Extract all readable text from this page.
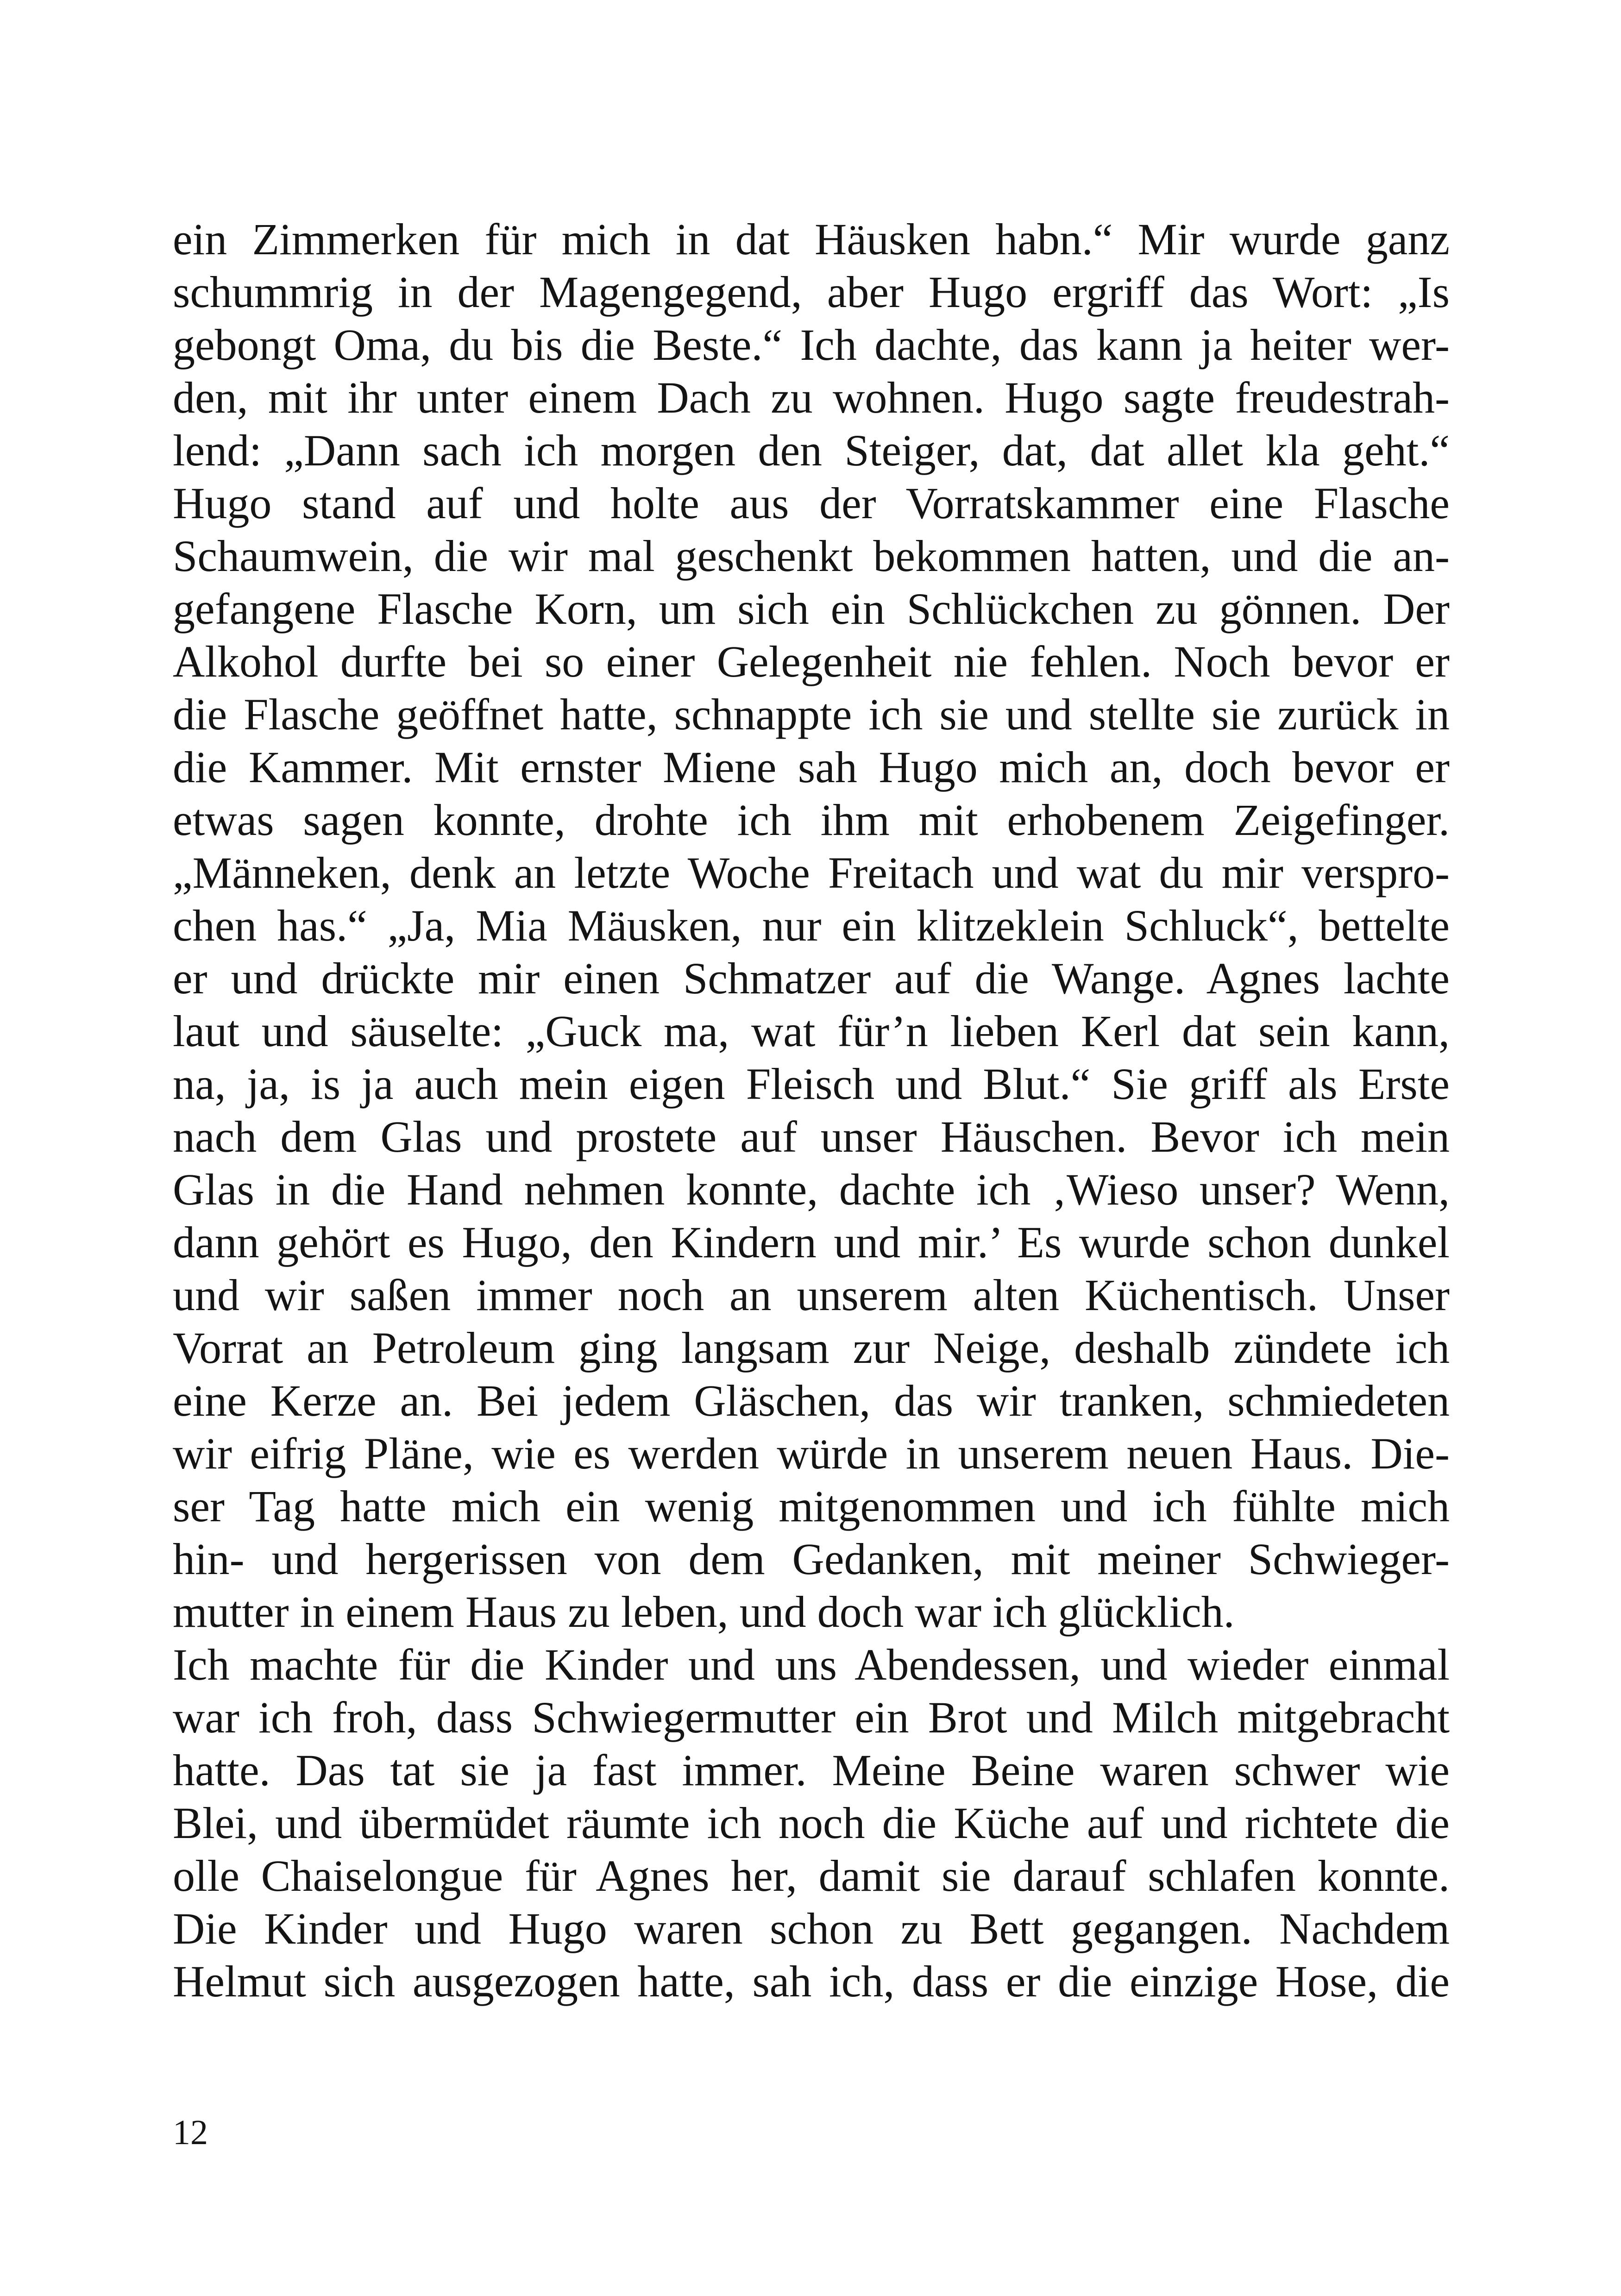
ein Zimmerken für mich in dat Häusken habn.“ Mir wurde ganz
schummrig in der Magengegend, aber Hugo ergriff das Wort: „Is
gebongt Oma, du bis die Beste.“ Ich dachte, das kann ja heiter wer-
den, mit ihr unter einem Dach zu wohnen. Hugo sagte freudestrah-
lend: „Dann sach ich morgen den Steiger, dat, dat allet kla geht.“
Hugo stand auf und holte aus der Vorratskammer eine Flasche
Schaumwein, die wir mal geschenkt bekommen hatten, und die an-
gefangene Flasche Korn, um sich ein Schlückchen zu gönnen. Der
Alkohol durfte bei so einer Gelegenheit nie fehlen. Noch bevor er
die Flasche geöffnet hatte, schnappte ich sie und stellte sie zurück in
die Kammer. Mit ernster Miene sah Hugo mich an, doch bevor er
etwas sagen konnte, drohte ich ihm mit erhobenem Zeigefinger.
„Männeken, denk an letzte Woche Freitach und wat du mir verspro-
chen has.“ „Ja, Mia Mäusken, nur ein klitzeklein Schluck“, bettelte
er und drückte mir einen Schmatzer auf die Wange. Agnes lachte
laut und säuselte: „Guck ma, wat für’n lieben Kerl dat sein kann,
na, ja, is ja auch mein eigen Fleisch und Blut.“ Sie griff als Erste
nach dem Glas und prostete auf unser Häuschen. Bevor ich mein
Glas in die Hand nehmen konnte, dachte ich ‚Wieso unser? Wenn,
dann gehört es Hugo, den Kindern und mir.’ Es wurde schon dunkel
und wir saßen immer noch an unserem alten Küchentisch. Unser
Vorrat an Petroleum ging langsam zur Neige, deshalb zündete ich
eine Kerze an. Bei jedem Gläschen, das wir tranken, schmiedeten
wir eifrig Pläne, wie es werden würde in unserem neuen Haus. Die-
ser Tag hatte mich ein wenig mitgenommen und ich fühlte mich
hin- und hergerissen von dem Gedanken, mit meiner Schwieger-
mutter in einem Haus zu leben, und doch war ich glücklich.
Ich machte für die Kinder und uns Abendessen, und wieder einmal
war ich froh, dass Schwiegermutter ein Brot und Milch mitgebracht
hatte. Das tat sie ja fast immer. Meine Beine waren schwer wie
Blei, und übermüdet räumte ich noch die Küche auf und richtete die
olle Chaiselongue für Agnes her, damit sie darauf schlafen konnte.
Die Kinder und Hugo waren schon zu Bett gegangen. Nachdem
Helmut sich ausgezogen hatte, sah ich, dass er die einzige Hose, die
12
